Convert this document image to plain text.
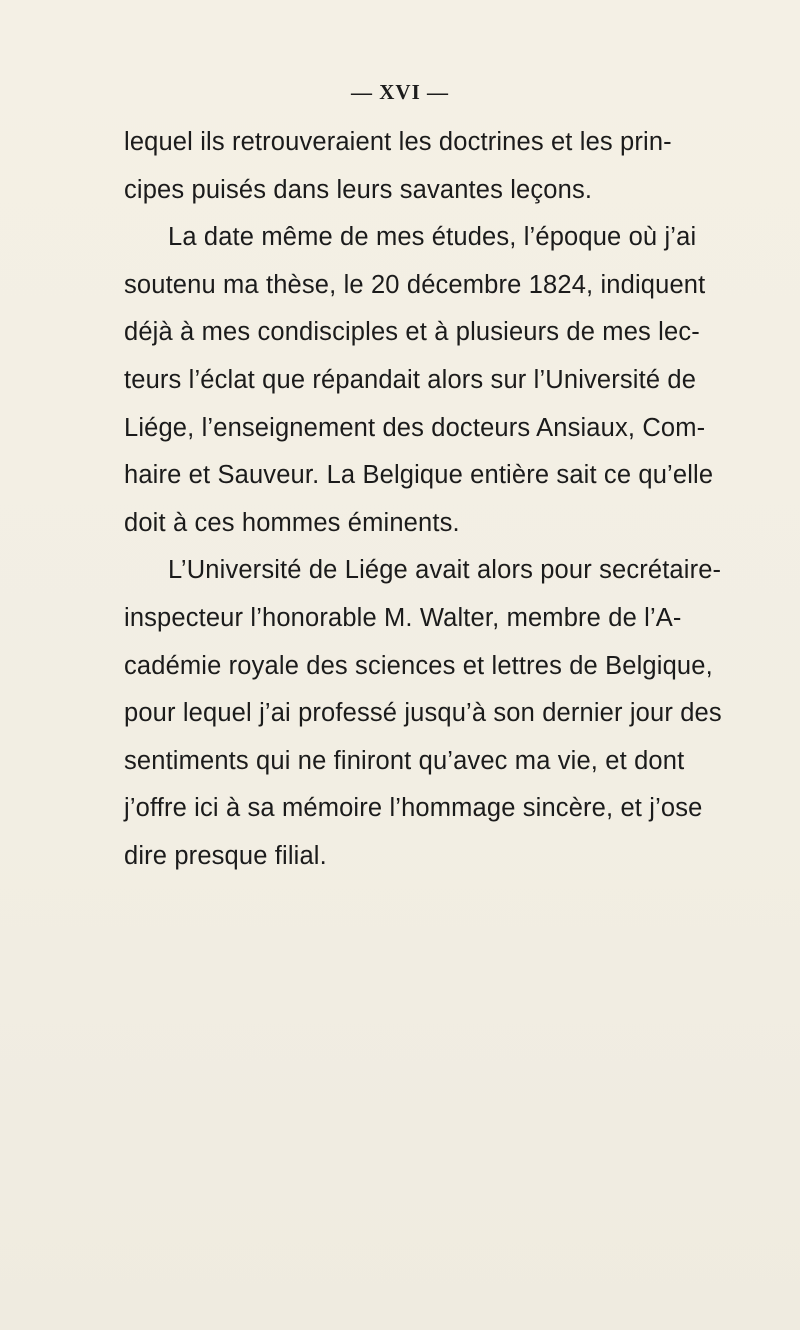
— XVI —
lequel ils retrouveraient les doctrines et les prin-
cipes puisés dans leurs savantes leçons.
La date même de mes études, l’époque où j’ai
soutenu ma thèse, le 20 décembre 1824, indiquent
déjà à mes condisciples et à plusieurs de mes lec-
teurs l’éclat que répandait alors sur l’Université de
Liége, l’enseignement des docteurs Ansiaux, Com-
haire et Sauveur. La Belgique entière sait ce qu’elle
doit à ces hommes éminents.
L’Université de Liége avait alors pour secrétaire-
inspecteur l’honorable M. Walter, membre de l’A-
cadémie royale des sciences et lettres de Belgique,
pour lequel j’ai professé jusqu’à son dernier jour des
sentiments qui ne finiront qu’avec ma vie, et dont
j’offre ici à sa mémoire l’hommage sincère, et j’ose
dire presque filial.
